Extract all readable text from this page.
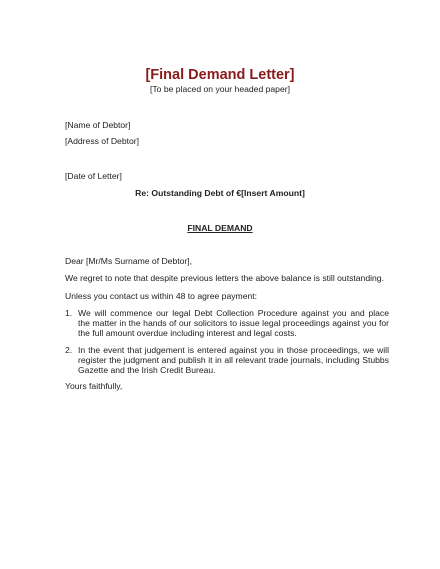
[Final Demand Letter]
[To be placed on your headed paper]
[Name of Debtor]
[Address of Debtor]
[Date of Letter]
Re: Outstanding Debt of €[Insert Amount]
FINAL DEMAND
Dear [Mr/Ms Surname of Debtor],
We regret to note that despite previous letters the above balance is still outstanding.
Unless you contact us within 48 to agree payment:
1. We will commence our legal Debt Collection Procedure against you and place
the matter in the hands of our solicitors to issue legal proceedings against you for
the full amount overdue including interest and legal costs.
2. In the event that judgement is entered against you in those proceedings, we will
register the judgment and publish it in all relevant trade journals, including Stubbs
Gazette and the Irish Credit Bureau.
Yours faithfully,
